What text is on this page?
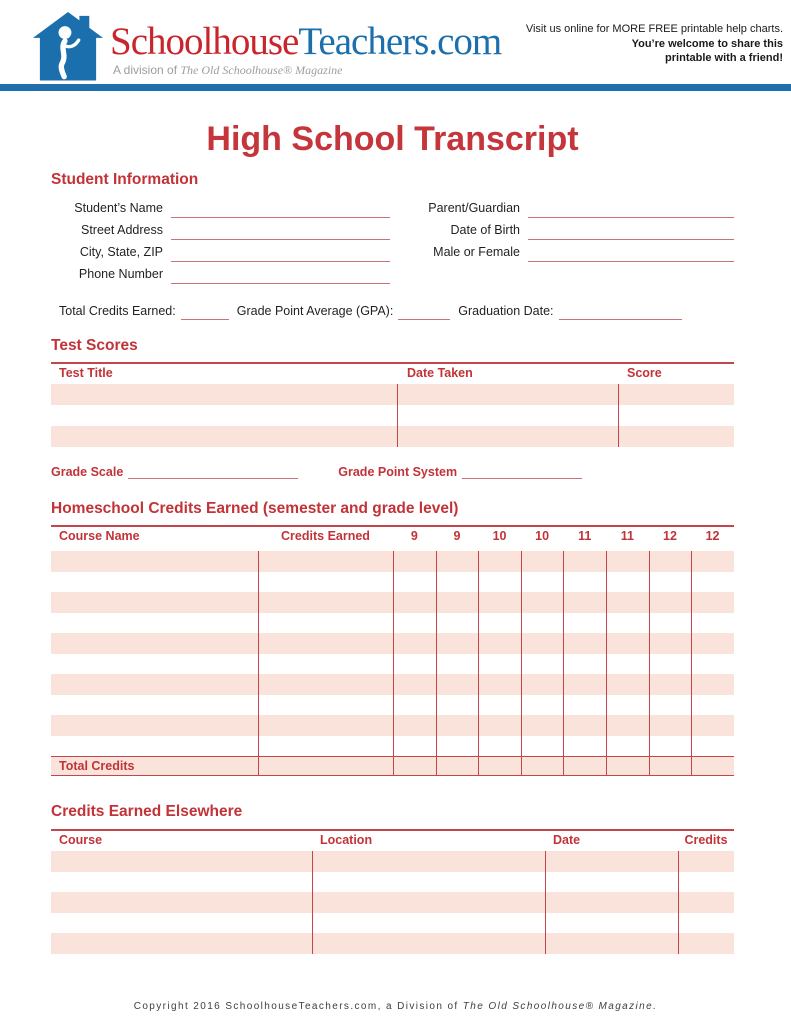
SchoolhouseTeachers.com
A division of The Old Schoolhouse® Magazine
Visit us online for MORE FREE printable help charts.
You’re welcome to share this
printable with a friend!
High School Transcript
Student Information
Student’s Name
Street Address
City, State, ZIP
Phone Number
Parent/Guardian
Date of Birth
Male or Female
Total Credits Earned:	Grade Point Average (GPA):	Graduation Date:
Test Scores
Test Title	Date Taken	Score
Grade Scale	Grade Point System
Homeschool Credits Earned (semester and grade level)
Course Name	Credits Earned	9	9	10	10	11	11	12	12
Total Credits
Credits Earned Elsewhere
Course	Location	Date	Credits
Copyright 2016 SchoolhouseTeachers.com, a Division of The Old Schoolhouse® Magazine.
